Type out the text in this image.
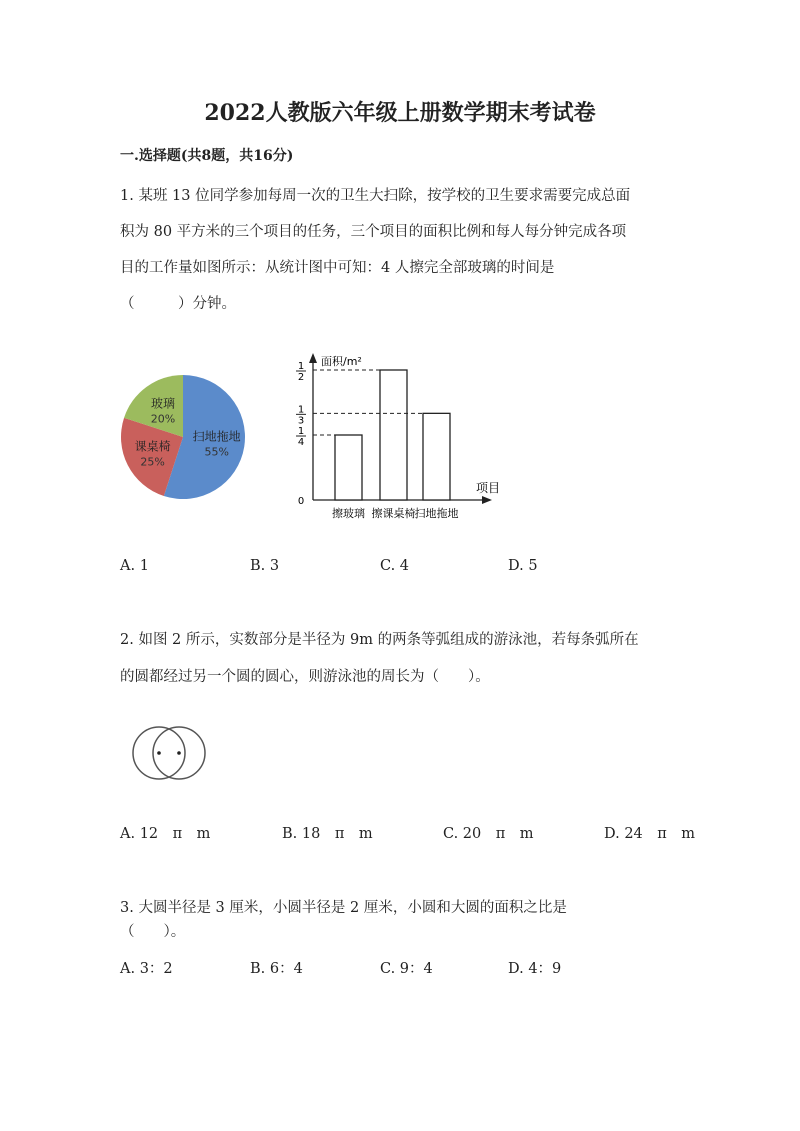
2022人教版六年级上册数学期末考试卷
一.选择题(共8题，共16分)
1. 某班 13 位同学参加每周一次的卫生大扫除，按学校的卫生要求需要完成总面
积为 80 平方米的三个项目的任务，三个项目的面积比例和每人每分钟完成各项
目的工作量如图所示：从统计图中可知：4 人擦完全部玻璃的时间是
（　　　）分钟。
扫地拖地
55%
课桌椅
25%
玻璃
20%
面积/m²
项目
0
擦玻璃 擦课桌椅 扫地拖地
1
4
1
3
1
2
A. 1	B. 3	C. 4	D. 5
2. 如图 2 所示，实数部分是半径为 9m 的两条等弧组成的游泳池，若每条弧所在
的圆都经过另一个圆的圆心，则游泳池的周长为（　　）。
A. 12　π　m	B. 18　π　m	C. 20　π　m	D. 24　π　m
3. 大圆半径是 3 厘米，小圆半径是 2 厘米，小圆和大圆的面积之比是
（　　）。
A. 3：2	B. 6：4	C. 9：4	D. 4：9
